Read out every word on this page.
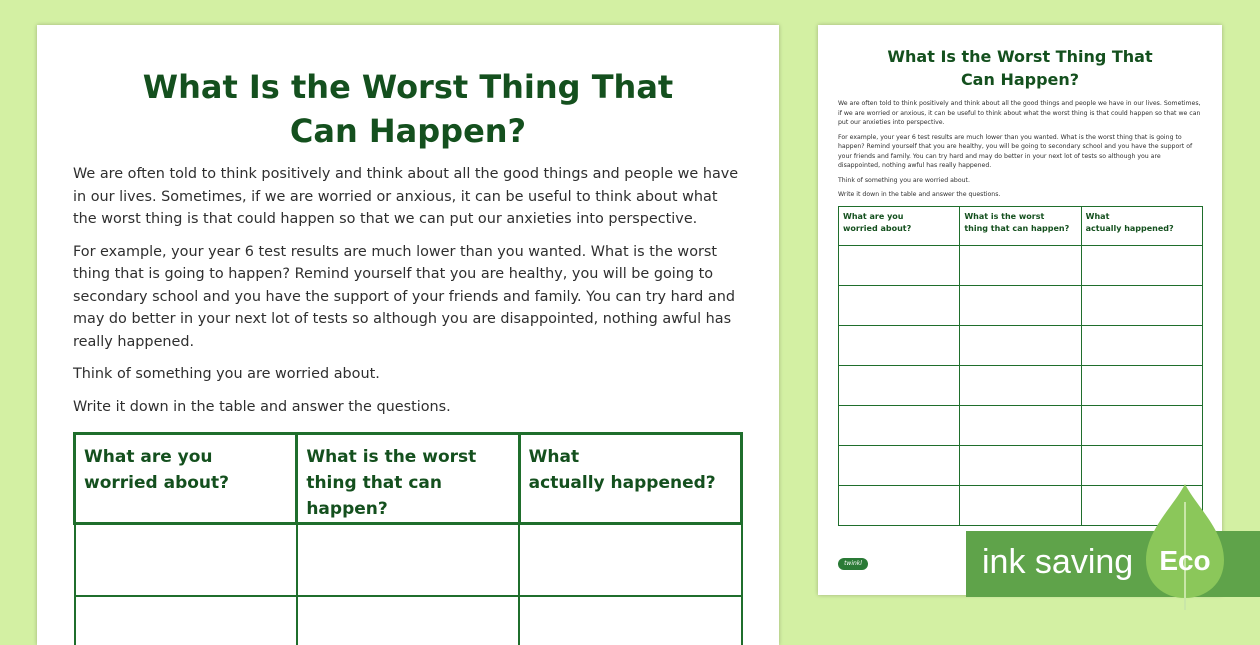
What Is the Worst Thing That
Can Happen?

We are often told to think positively and think about all the good things and people we have in our lives. Sometimes, if we are worried or anxious, it can be useful to think about what the worst thing is that could happen so that we can put our anxieties into perspective.

For example, your year 6 test results are much lower than you wanted. What is the worst thing that is going to happen? Remind yourself that you are healthy, you will be going to secondary school and you have the support of your friends and family. You can try hard and may do better in your next lot of tests so although you are disappointed, nothing awful has really happened.

Think of something you are worried about.

Write it down in the table and answer the questions.

What are you
worried about?	What is the worst
thing that can happen?	What
actually happened?

What Is the Worst Thing That
Can Happen?

We are often told to think positively and think about all the good things and people we have in our lives. Sometimes, if we are worried or anxious, it can be useful to think about what the worst thing is that could happen so that we can put our anxieties into perspective.

For example, your year 6 test results are much lower than you wanted. What is the worst thing that is going to happen? Remind yourself that you are healthy, you will be going to secondary school and you have the support of your friends and family. You can try hard and may do better in your next lot of tests so although you are disappointed, nothing awful has really happened.

Think of something you are worried about.

Write it down in the table and answer the questions.

What are you
worried about?	What is the worst
thing that can happen?	What
actually happened?

twinkl	ink saving Eco
